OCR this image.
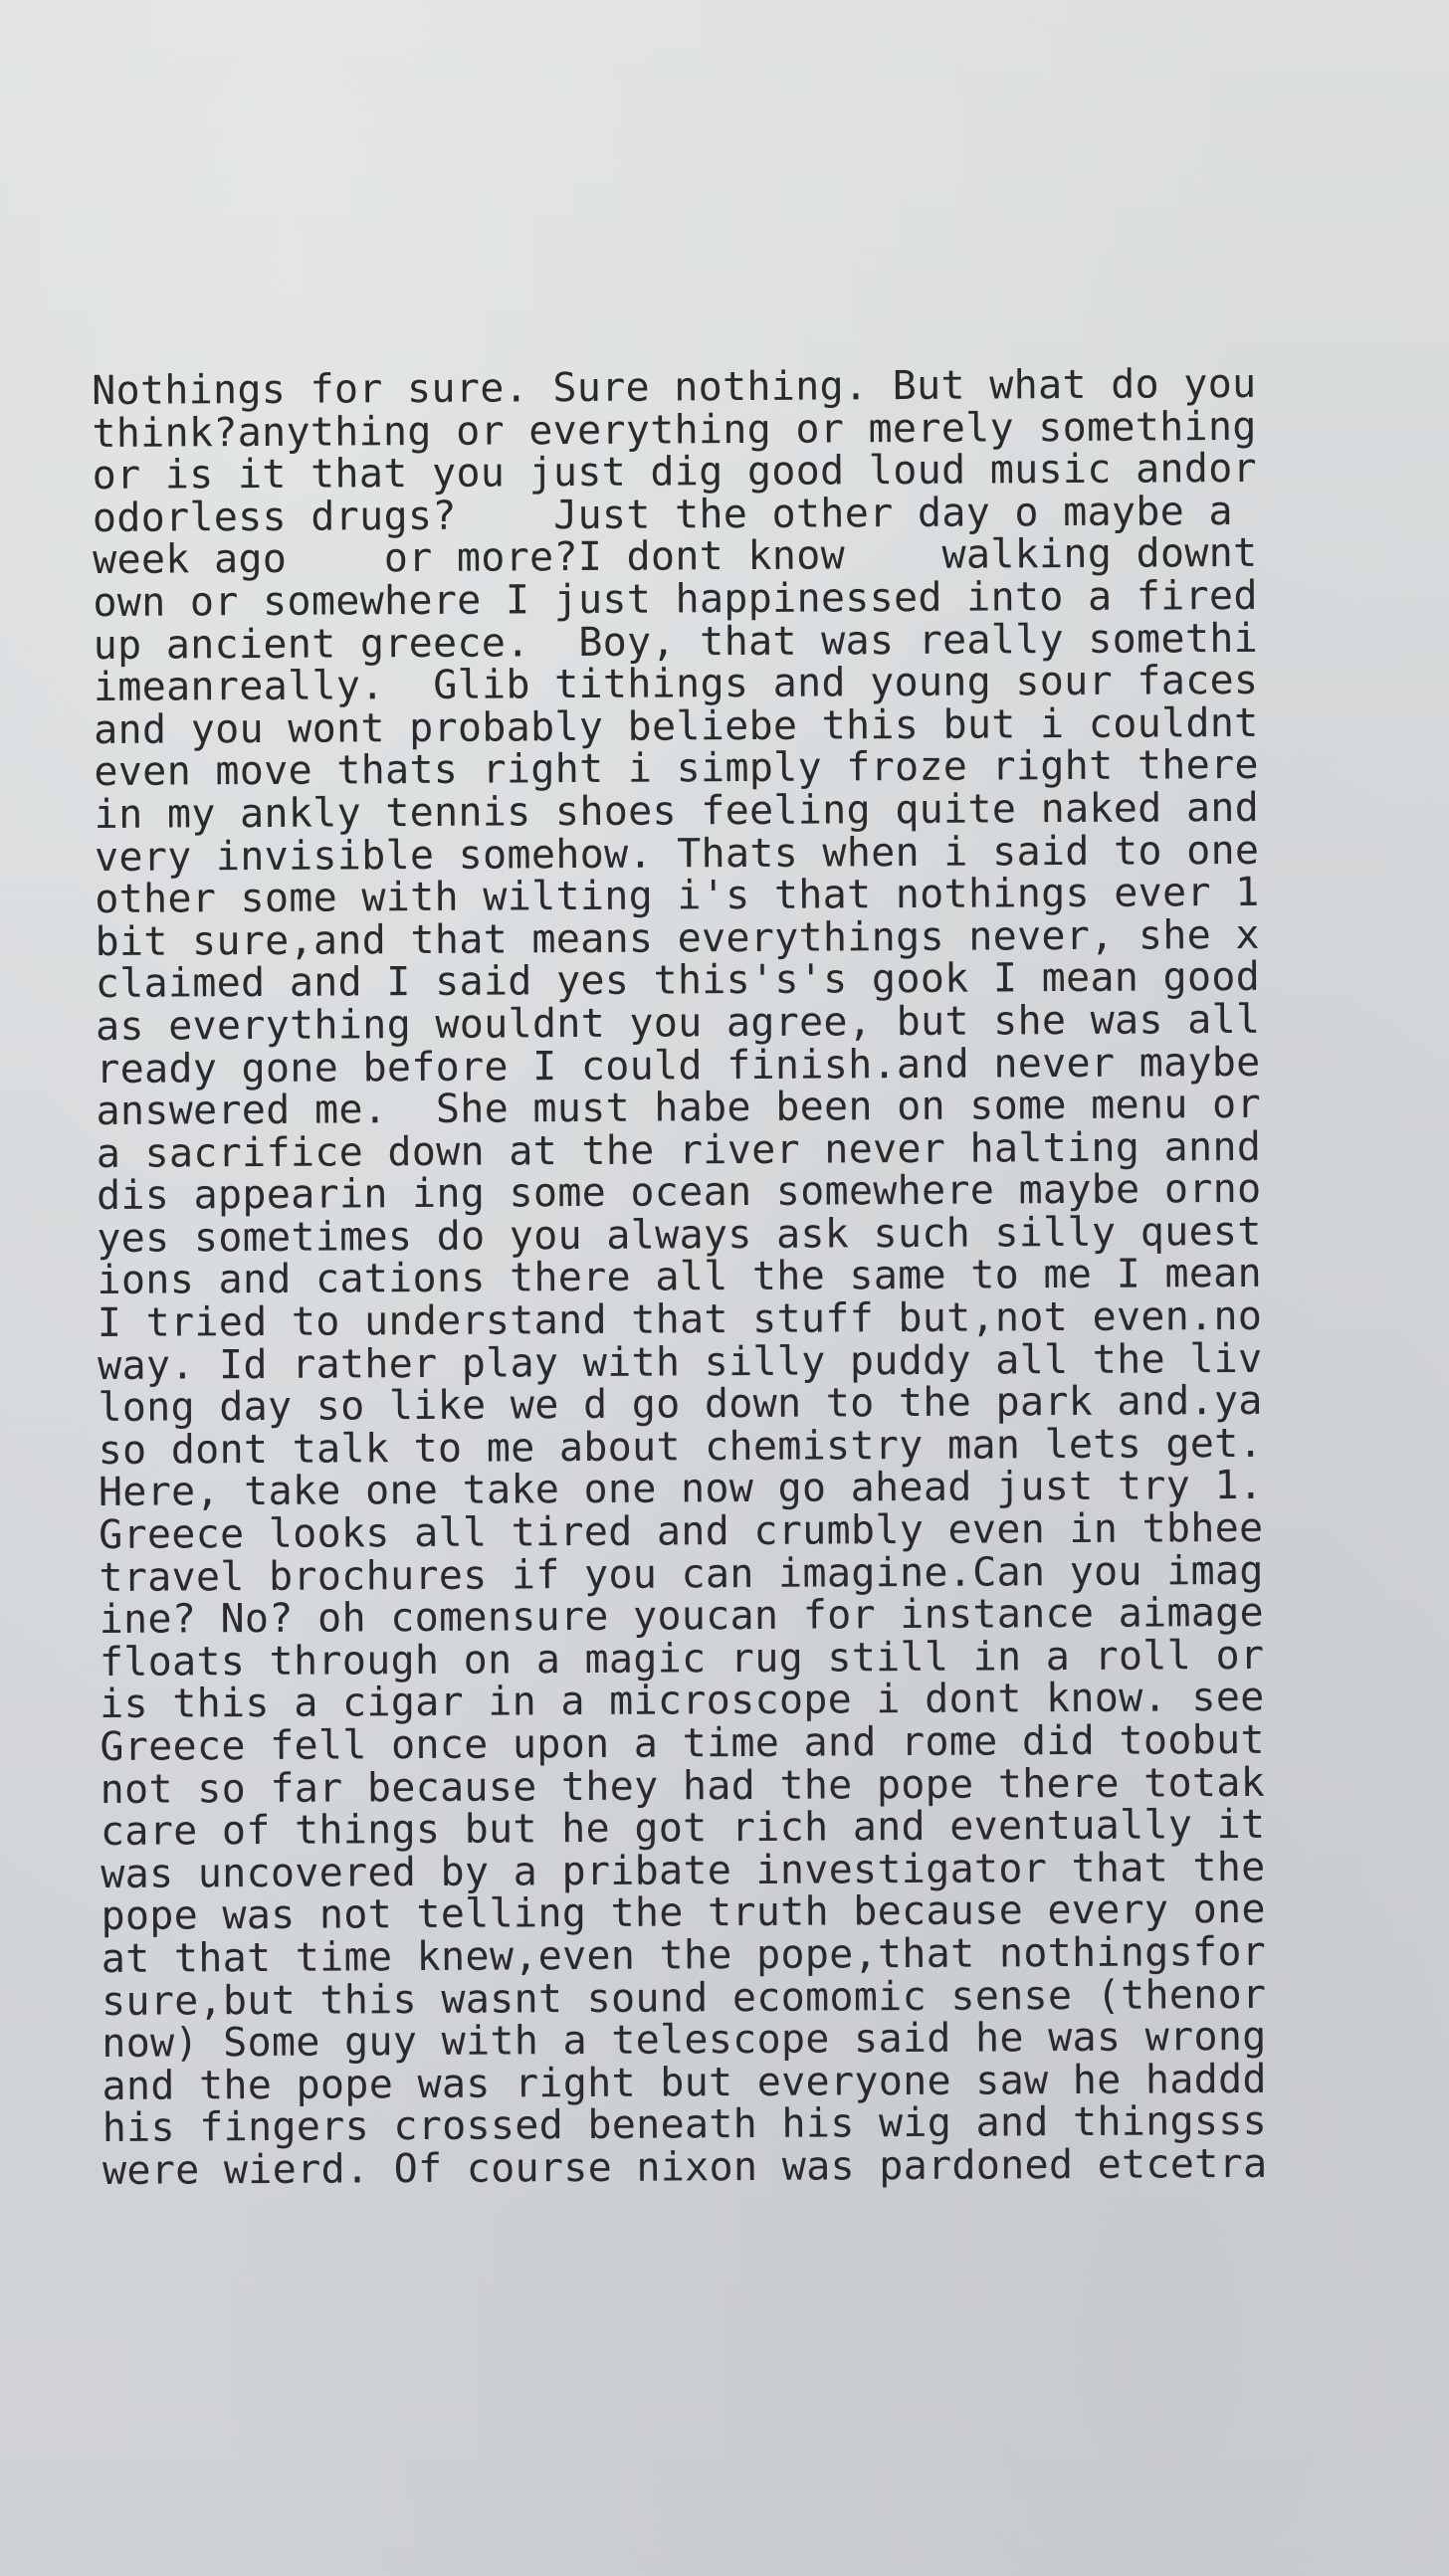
Nothings for sure. Sure nothing. But what do you
think?anything or everything or merely something
or is it that you just dig good loud music andor
odorless drugs?    Just the other day o maybe a
week ago    or more?I dont know    walking downt
own or somewhere I just happinessed into a fired
up ancient greece.  Boy, that was really somethi
imeanreally.  Glib tithings and young sour faces
and you wont probably beliebe this but i couldnt
even move thats right i simply froze right there
in my ankly tennis shoes feeling quite naked and
very invisible somehow. Thats when i said to one
other some with wilting i's that nothings ever 1
bit sure,and that means everythings never, she x
claimed and I said yes this's's gook I mean good
as everything wouldnt you agree, but she was all
ready gone before I could finish.and never maybe
answered me.  She must habe been on some menu or
a sacrifice down at the river never halting annd
dis appearin ing some ocean somewhere maybe orno
yes sometimes do you always ask such silly quest
ions and cations there all the same to me I mean
I tried to understand that stuff but,not even.no
way. Id rather play with silly puddy all the liv
long day so like we d go down to the park and.ya
so dont talk to me about chemistry man lets get.
Here, take one take one now go ahead just try 1.
Greece looks all tired and crumbly even in tbhee
travel brochures if you can imagine.Can you imag
ine? No? oh comensure youcan for instance aimage
floats through on a magic rug still in a roll or
is this a cigar in a microscope i dont know. see
Greece fell once upon a time and rome did toobut
not so far because they had the pope there totak
care of things but he got rich and eventually it
was uncovered by a pribate investigator that the
pope was not telling the truth because every one
at that time knew,even the pope,that nothingsfor
sure,but this wasnt sound ecomomic sense (thenor
now) Some guy with a telescope said he was wrong
and the pope was right but everyone saw he haddd
his fingers crossed beneath his wig and thingsss
were wierd. Of course nixon was pardoned etcetra
